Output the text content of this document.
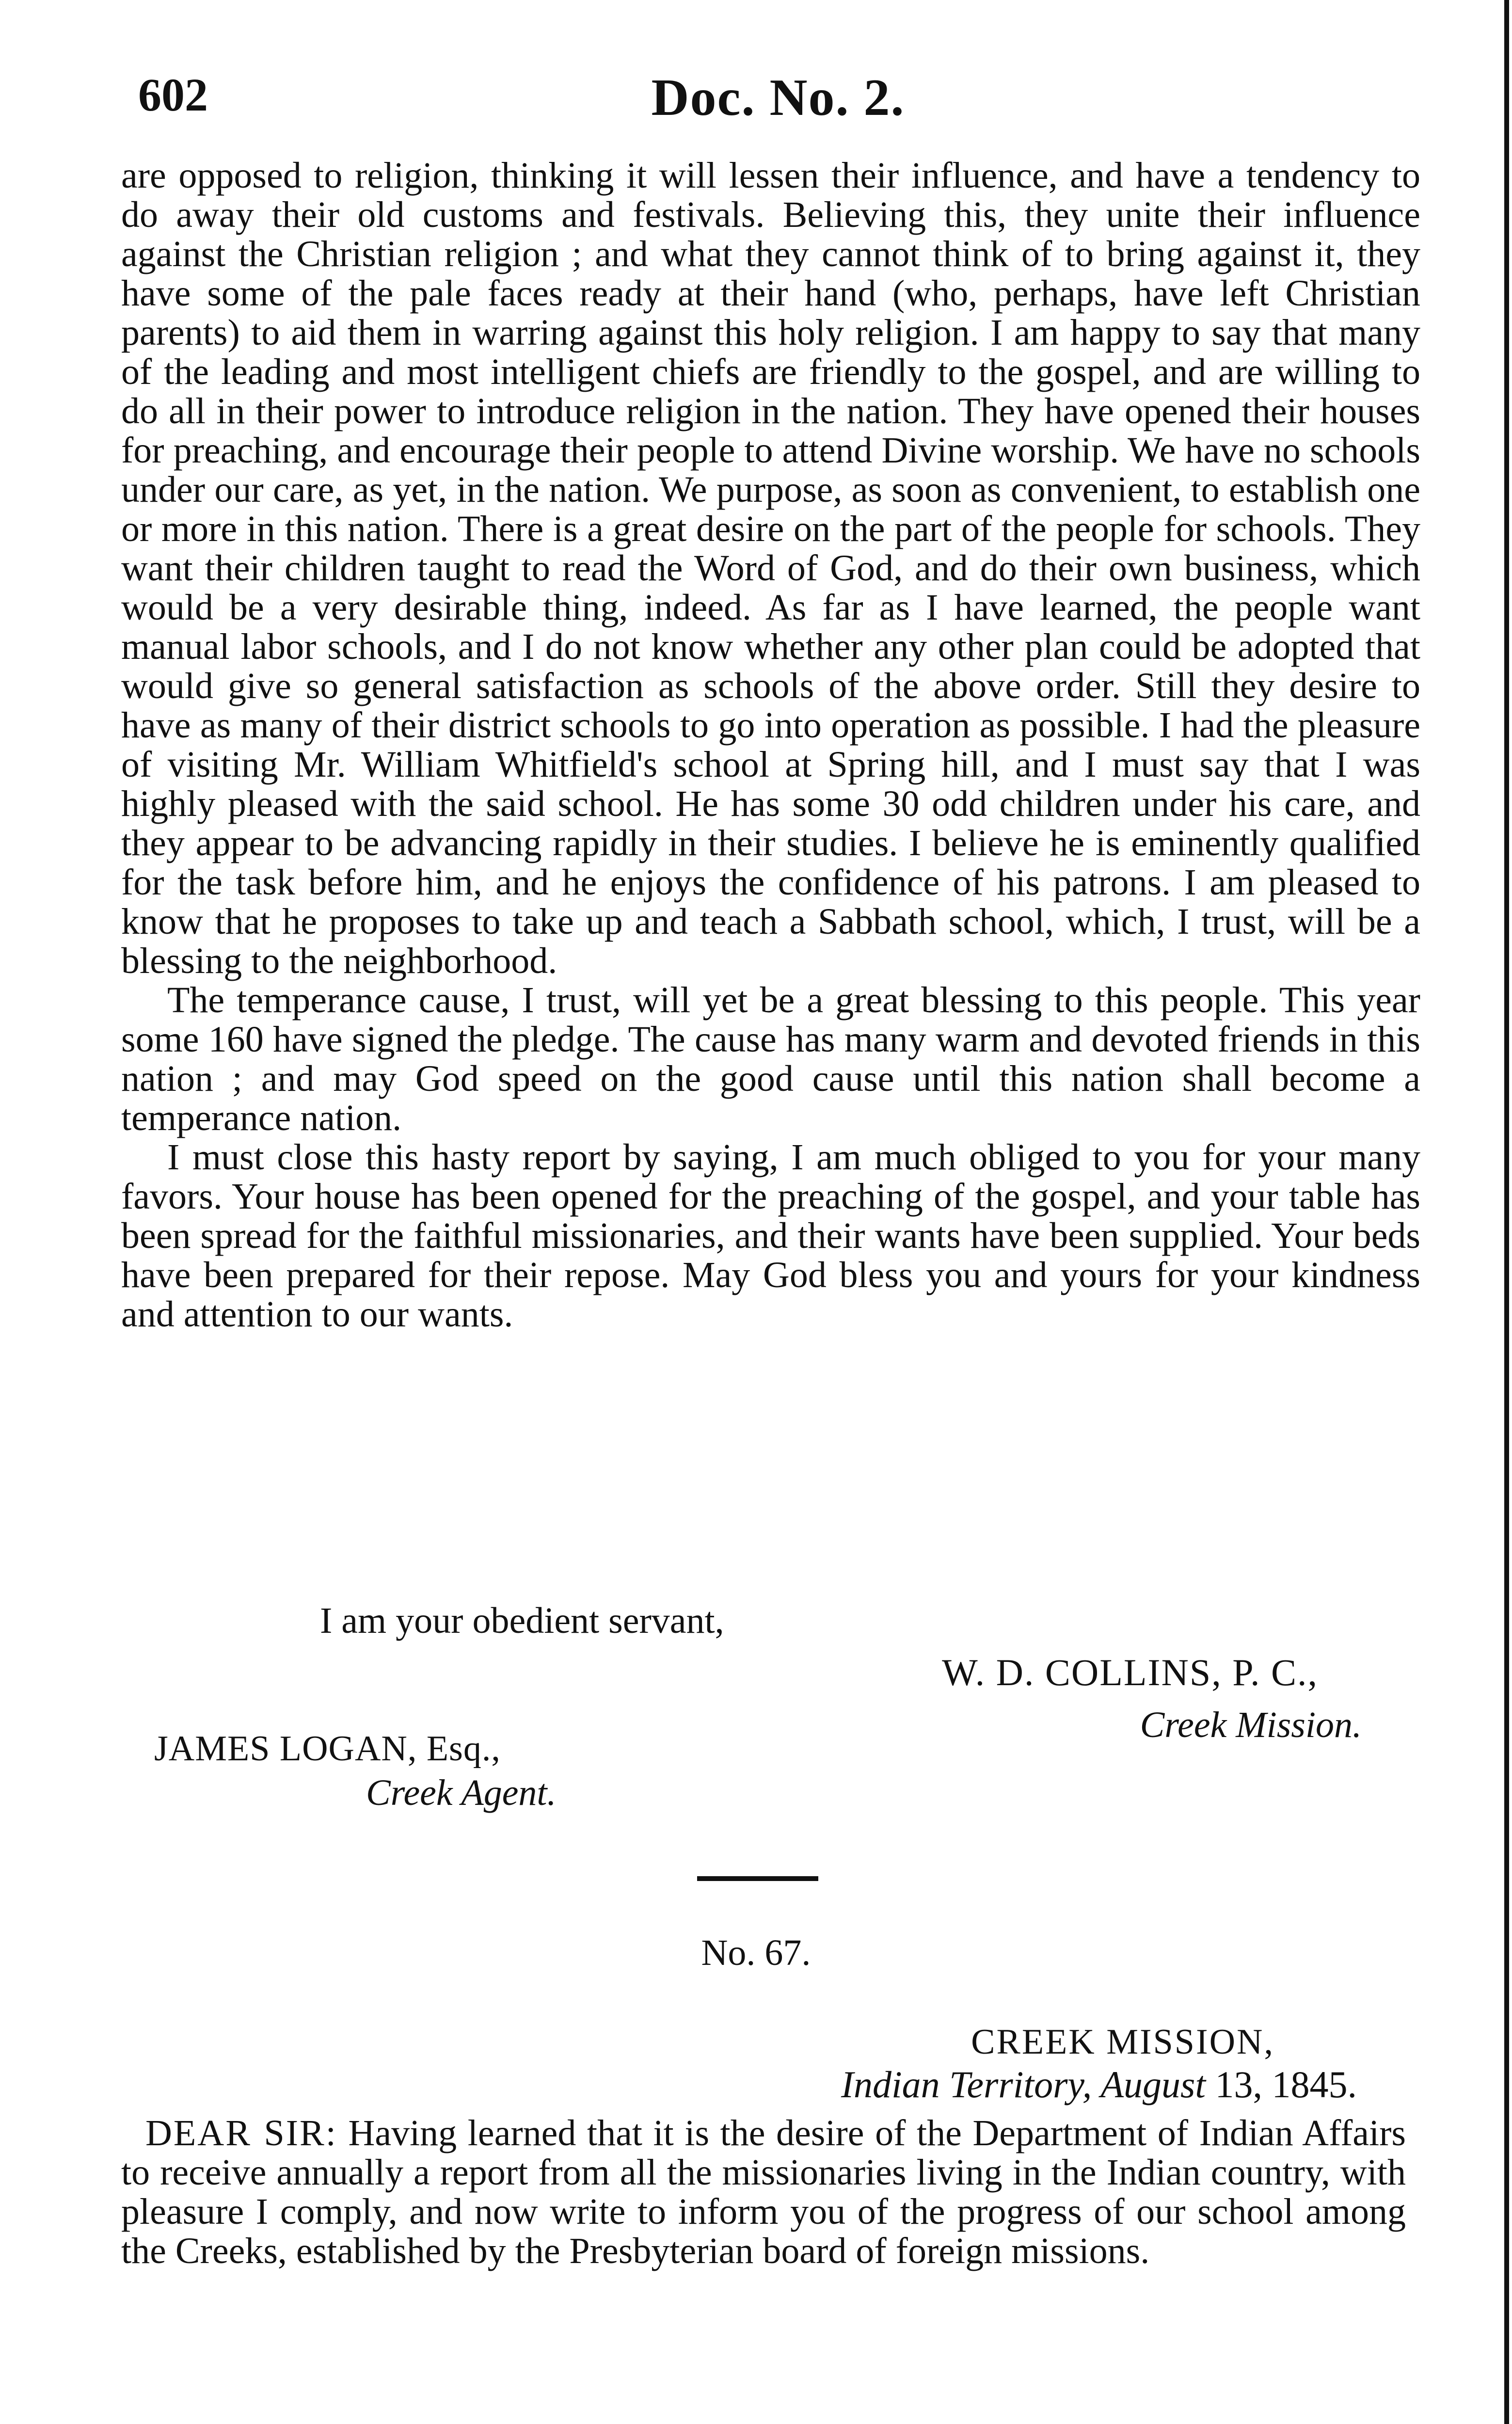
602	Doc. No. 2.

are opposed to religion, thinking it will lessen their influence, and have a tendency to do away their old customs and festivals. Believing this, they unite their influence against the Christian religion ; and what they cannot think of to bring against it, they have some of the pale faces ready at their hand (who, perhaps, have left Christian parents) to aid them in warring against this holy religion. I am happy to say that many of the leading and most intelligent chiefs are friendly to the gospel, and are willing to do all in their power to introduce religion in the nation. They have opened their houses for preaching, and encourage their people to attend Divine worship. We have no schools under our care, as yet, in the nation. We purpose, as soon as convenient, to establish one or more in this nation. There is a great desire on the part of the people for schools. They want their children taught to read the Word of God, and do their own business, which would be a very desirable thing, indeed. As far as I have learned, the people want manual labor schools, and I do not know whether any other plan could be adopted that would give so general satisfaction as schools of the above order. Still they desire to have as many of their district schools to go into operation as possible. I had the pleasure of visiting Mr. William Whitfield's school at Spring hill, and I must say that I was highly pleased with the said school. He has some 30 odd children under his care, and they appear to be advancing rapidly in their studies. I believe he is eminently qualified for the task before him, and he enjoys the confidence of his patrons. I am pleased to know that he proposes to take up and teach a Sabbath school, which, I trust, will be a blessing to the neighborhood.

The temperance cause, I trust, will yet be a great blessing to this people. This year some 160 have signed the pledge. The cause has many warm and devoted friends in this nation ; and may God speed on the good cause until this nation shall become a temperance nation.

I must close this hasty report by saying, I am much obliged to you for your many favors. Your house has been opened for the preaching of the gospel, and your table has been spread for the faithful missionaries, and their wants have been supplied. Your beds have been prepared for their repose. May God bless you and yours for your kindness and attention to our wants.

I am your obedient servant,
W. D. COLLINS, P. C.,
Creek Mission.
JAMES LOGAN, Esq.,
Creek Agent.
No. 67.
CREEK MISSION,
Indian Territory, August 13, 1845.

DEAR SIR: Having learned that it is the desire of the Department of Indian Affairs to receive annually a report from all the missionaries living in the Indian country, with pleasure I comply, and now write to inform you of the progress of our school among the Creeks, established by the Presbyterian board of foreign missions.
